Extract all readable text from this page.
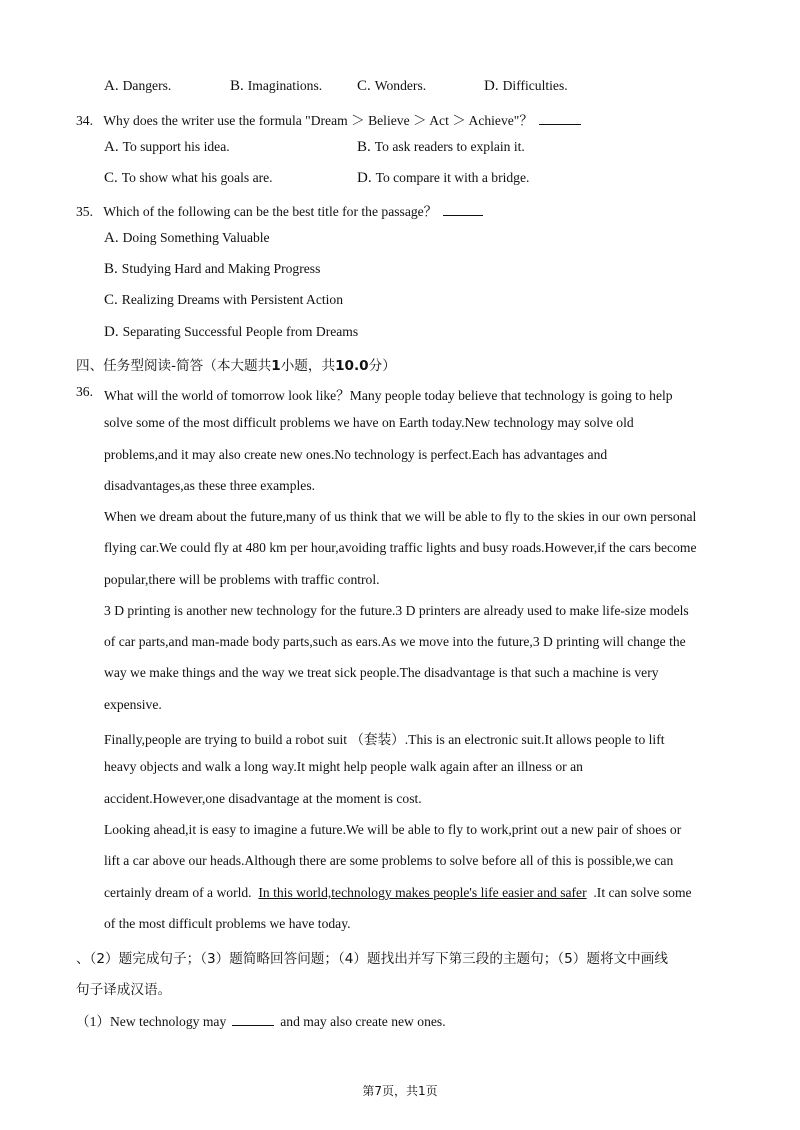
A. Dangers.	B. Imaginations. C. Wonders.	D. Difficulties.
34. Why does the writer use the formula "Dream ＞ Believe ＞ Act ＞ Achieve"？
A. To support his idea.	B. To ask readers to explain it.
C. To show what his goals are.	D. To compare it with a bridge.
35. Which of the following can be the best title for the passage？
A. Doing Something Valuable
B. Studying Hard and Making Progress
C. Realizing Dreams with Persistent Action
D. Separating Successful People from Dreams
四、任务型阅读-简答（本大题共1小题，共10.0分）
36. What will the world of tomorrow look like？Many people today believe that technology is going to help
solve some of the most difficult problems we have on Earth today.New technology may solve old
problems,and it may also create new ones.No technology is perfect.Each has advantages and
disadvantages,as these three examples.
When we dream about the future,many of us think that we will be able to fly to the skies in our own personal
flying car.We could fly at 480 km per hour,avoiding traffic lights and busy roads.However,if the cars become
popular,there will be problems with traffic control.
3 D printing is another new technology for the future.3 D printers are already used to make life-size models
of car parts,and man-made body parts,such as ears.As we move into the future,3 D printing will change the
way we make things and the way we treat sick people.The disadvantage is that such a machine is very
expensive.
Finally,people are trying to build a robot suit （套装）.This is an electronic suit.It allows people to lift
heavy objects and walk a long way.It might help people walk again after an illness or an
accident.However,one disadvantage at the moment is cost.
Looking ahead,it is easy to imagine a future.We will be able to fly to work,print out a new pair of shoes or
lift a car above our heads.Although there are some problems to solve before all of this is possible,we can
certainly dream of a world. In this world,technology makes people's life easier and safer .It can solve some
of the most difficult problems we have today.
、（2）题完成句子；（3）题简略回答问题；（4）题找出并写下第三段的主题句；（5）题将文中画线
句子译成汉语。
（1）New technology may	and may also create new ones.
第7页，共1页
